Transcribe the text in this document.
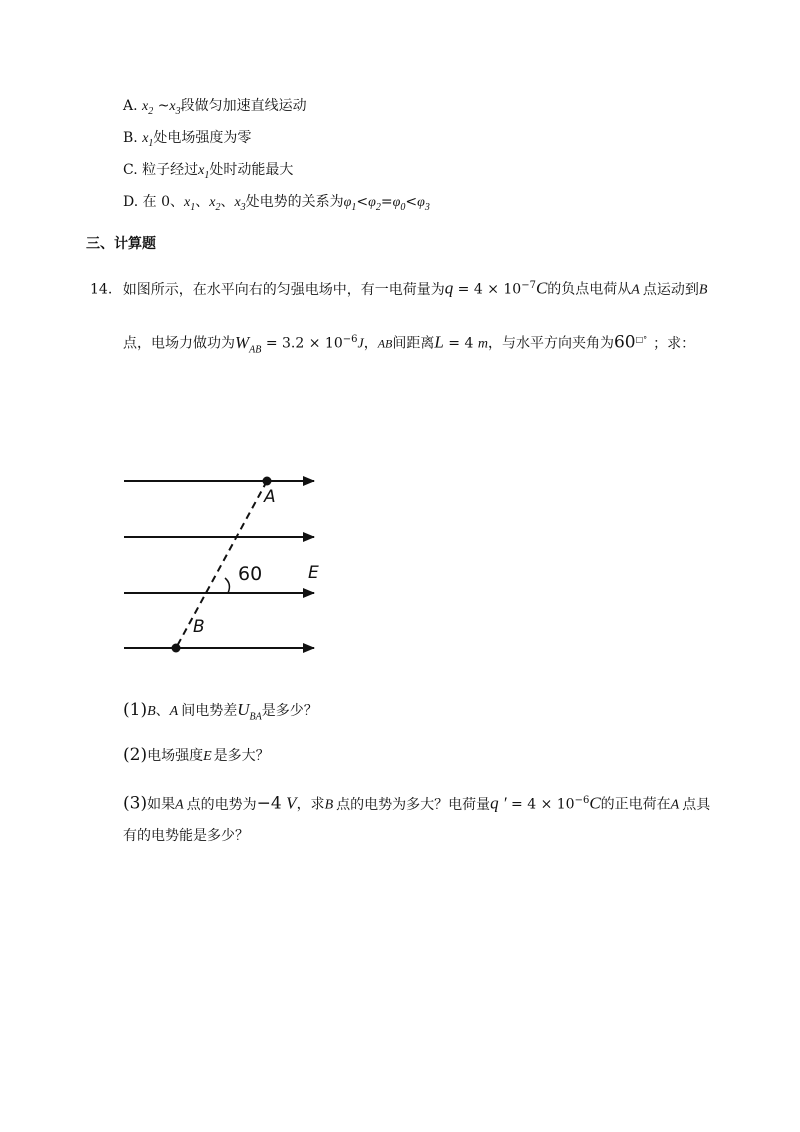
A. $x_2$ $\sim x_3$段做匀加速直线运动
B. $x_1$处电场强度为零
C. 粒子经过$x_1$处时动能最大
D. 在 0、$x_1$、$x_2$、$x_3$处电势的关系为$\varphi_1<\varphi_2=\varphi_0<\varphi_3$
三、计算题
14. 如图所示，在水平向右的匀强电场中，有一电荷量为$q = 4 \times 10^{-7}C$的负点电荷从A 点运动到B
点，电场力做功为$W_{AB} = 3.2 \times 10^{-6}J$，AB间距离L = 4 m，与水平方向夹角为60□° ；求：
A
B
60	E
(1)B、A 间电势差$U_{BA}$是多少？
(2)电场强度E 是多大？
(3)如果A 点的电势为−4 V，求B 点的电势为多大？电荷量q ′ = $4 \times 10^{-6}C$的正电荷在A 点具
有的电势能是多少？
